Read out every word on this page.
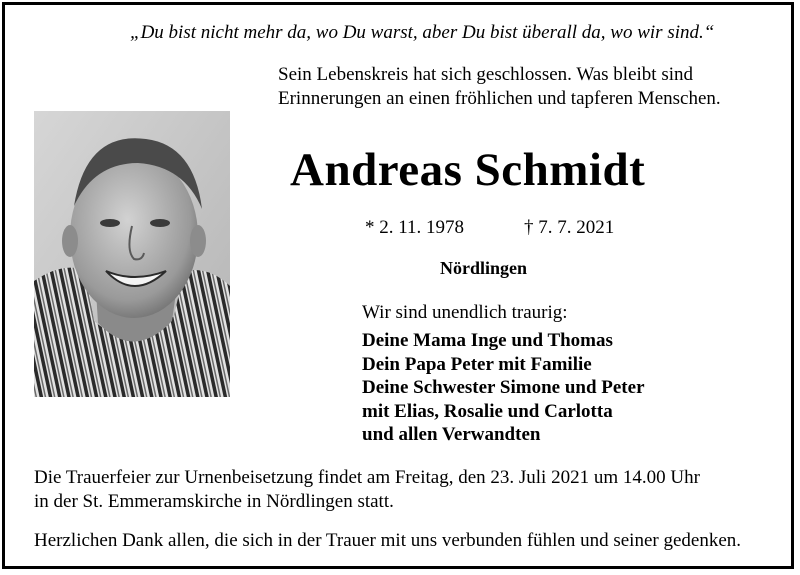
„Du bist nicht mehr da, wo Du warst, aber Du bist überall da, wo wir sind.“
Sein Lebenskreis hat sich geschlossen. Was bleibt sind
Erinnerungen an einen fröhlichen und tapferen Menschen.
Andreas Schmidt
* 2. 11. 1978	† 7. 7. 2021
Nördlingen
Wir sind unendlich traurig:
Deine Mama Inge und Thomas
Dein Papa Peter mit Familie
Deine Schwester Simone und Peter
mit Elias, Rosalie und Carlotta
und allen Verwandten
Die Trauerfeier zur Urnenbeisetzung findet am Freitag, den 23. Juli 2021 um 14.00 Uhr
in der St. Emmeramskirche in Nördlingen statt.
Herzlichen Dank allen, die sich in der Trauer mit uns verbunden fühlen und seiner gedenken.
